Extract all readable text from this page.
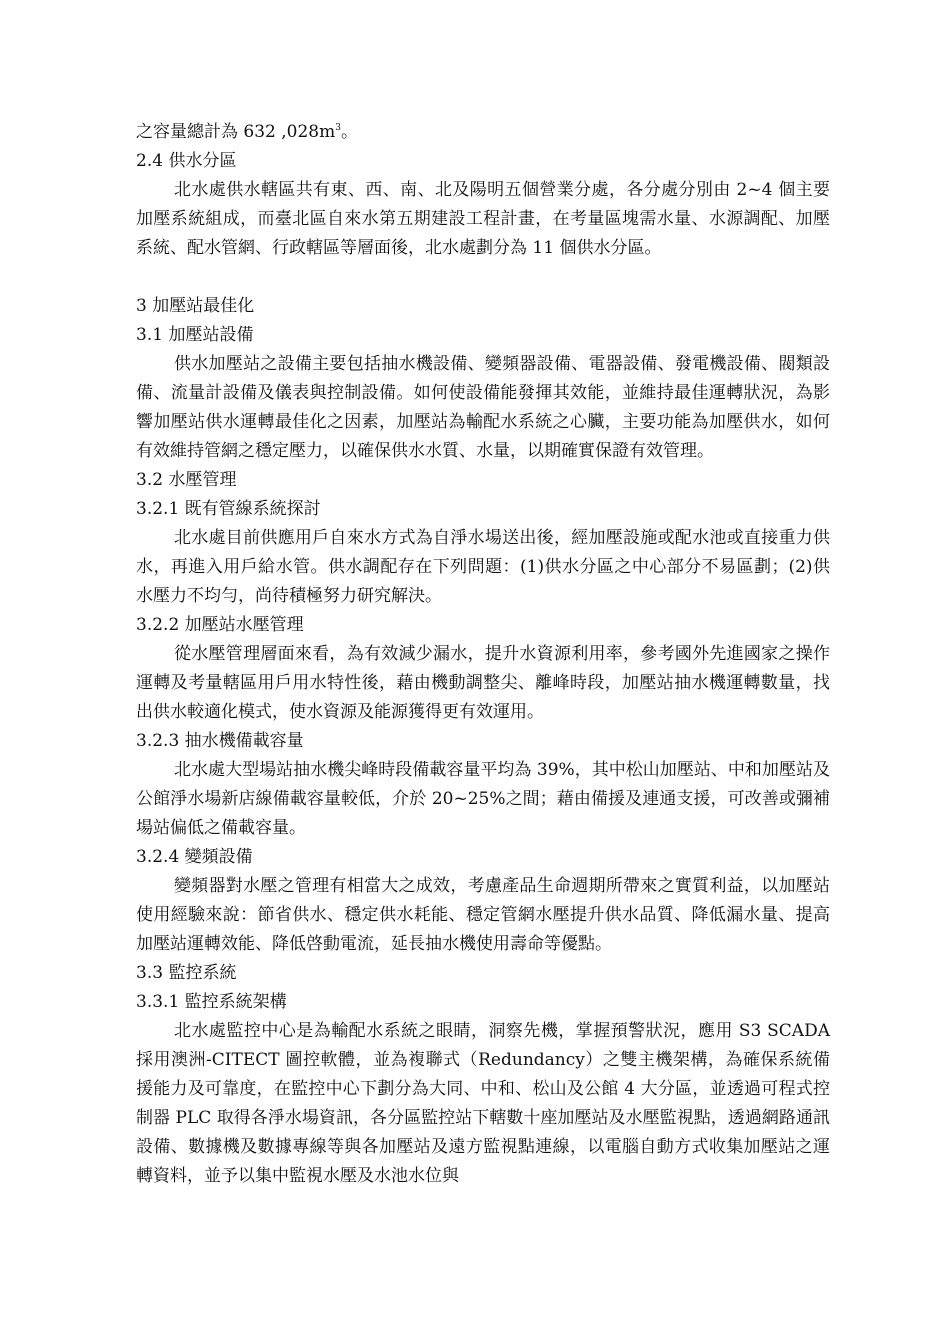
之容量總計為 632 $,028m^3$。

2.4 供水分區

北水處供水轄區共有東、西、南、北及陽明五個營業分處，各分處分別由 2~4 個主要加壓系統組成，而臺北區自來水第五期建設工程計畫，在考量區塊需水量、水源調配、加壓系統、配水管網、行政轄區等層面後，北水處劃分為 11 個供水分區。

3 加壓站最佳化
3.1 加壓站設備

供水加壓站之設備主要包括抽水機設備、變頻器設備、電器設備、發電機設備、閥類設備、流量計設備及儀表與控制設備。如何使設備能發揮其效能，並維持最佳運轉狀況，為影響加壓站供水運轉最佳化之因素，加壓站為輸配水系統之心臟，主要功能為加壓供水，如何有效維持管網之穩定壓力，以確保供水水質、水量，以期確實保證有效管理。

3.2 水壓管理
3.2.1 既有管線系統探討

北水處目前供應用戶自來水方式為自淨水場送出後，經加壓設施或配水池或直接重力供水，再進入用戶給水管。供水調配存在下列問題：(1)供水分區之中心部分不易區劃；(2)供水壓力不均勻，尚待積極努力研究解決。

3.2.2 加壓站水壓管理

從水壓管理層面來看，為有效減少漏水，提升水資源利用率，參考國外先進國家之操作運轉及考量轄區用戶用水特性後，藉由機動調整尖、離峰時段，加壓站抽水機運轉數量，找出供水較適化模式，使水資源及能源獲得更有效運用。

3.2.3 抽水機備載容量

北水處大型場站抽水機尖峰時段備載容量平均為 39%，其中松山加壓站、中和加壓站及公館淨水場新店線備載容量較低，介於 20~25%之間；藉由備援及連通支援，可改善或彌補場站偏低之備載容量。

3.2.4 變頻設備

變頻器對水壓之管理有相當大之成效，考慮產品生命週期所帶來之實質利益，以加壓站使用經驗來說：節省供水、穩定供水耗能、穩定管網水壓提升供水品質、降低漏水量、提高加壓站運轉效能、降低啓動電流，延長抽水機使用壽命等優點。

3.3 監控系統
3.3.1 監控系統架構

北水處監控中心是為輸配水系統之眼睛，洞察先機，掌握預警狀況，應用 S3 SCADA 採用澳洲-CITECT 圖控軟體，並為複聯式（Redundancy）之雙主機架構，為確保系統備援能力及可靠度，在監控中心下劃分為大同、中和、松山及公館 4 大分區，並透過可程式控制器 PLC 取得各淨水場資訊，各分區監控站下轄數十座加壓站及水壓監視點，透過網路通訊設備、數據機及數據專線等與各加壓站及遠方監視點連線，以電腦自動方式收集加壓站之運轉資料，並予以集中監視水壓及水池水位與
